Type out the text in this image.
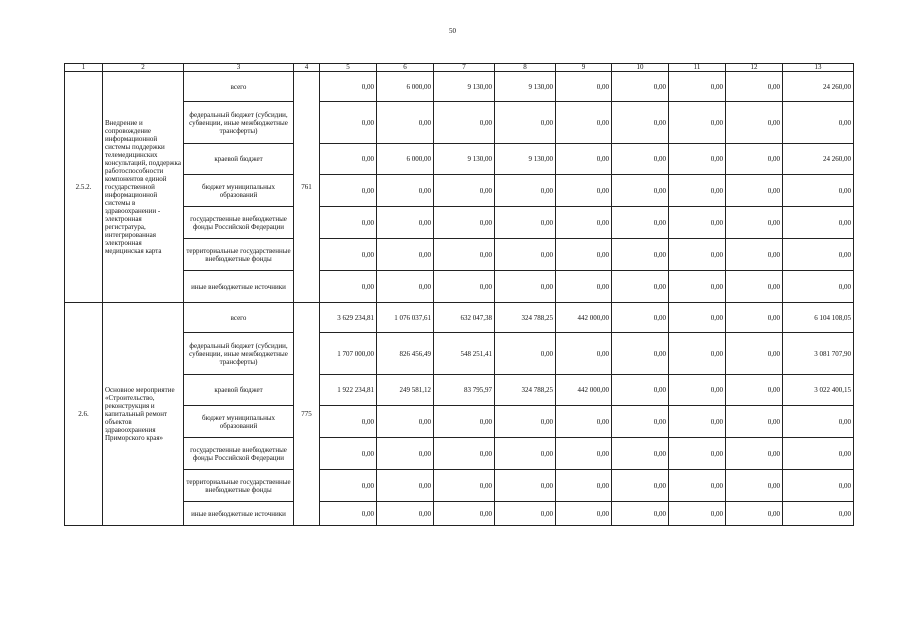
50
1	2	3	4	5	6	7	8	9	10	11	12	13
2.5.2.	Внедрение и сопровождение информационной системы поддержки телемедицинских консультаций, поддержка работоспособности компонентов единой государственной информационной системы в здравоохранении - электронная регистратура, интегрированная электронная медицинская карта	всего	761	0,00	6 000,00	9 130,00	9 130,00	0,00	0,00	0,00	0,00	24 260,00
		федеральный бюджет (субсидии, субвенции, иные межбюджетные трансферты)		0,00	0,00	0,00	0,00	0,00	0,00	0,00	0,00	0,00
		краевой бюджет		0,00	6 000,00	9 130,00	9 130,00	0,00	0,00	0,00	0,00	24 260,00
		бюджет муниципальных образований		0,00	0,00	0,00	0,00	0,00	0,00	0,00	0,00	0,00
		государственные внебюджетные фонды Российской Федерации		0,00	0,00	0,00	0,00	0,00	0,00	0,00	0,00	0,00
		территориальные государственные внебюджетные фонды		0,00	0,00	0,00	0,00	0,00	0,00	0,00	0,00	0,00
		иные внебюджетные источники		0,00	0,00	0,00	0,00	0,00	0,00	0,00	0,00	0,00
2.6.	Основное мероприятие «Строительство, реконструкция и капитальный ремонт объектов здравоохранения Приморского края»	всего	775	3 629 234,81	1 076 037,61	632 047,38	324 788,25	442 000,00	0,00	0,00	0,00	6 104 108,05
		федеральный бюджет (субсидии, субвенции, иные межбюджетные трансферты)		1 707 000,00	826 456,49	548 251,41	0,00	0,00	0,00	0,00	0,00	3 081 707,90
		краевой бюджет		1 922 234,81	249 581,12	83 795,97	324 788,25	442 000,00	0,00	0,00	0,00	3 022 400,15
		бюджет муниципальных образований		0,00	0,00	0,00	0,00	0,00	0,00	0,00	0,00	0,00
		государственные внебюджетные фонды Российской Федерации		0,00	0,00	0,00	0,00	0,00	0,00	0,00	0,00	0,00
		территориальные государственные внебюджетные фонды		0,00	0,00	0,00	0,00	0,00	0,00	0,00	0,00	0,00
		иные внебюджетные источники		0,00	0,00	0,00	0,00	0,00	0,00	0,00	0,00	0,00
